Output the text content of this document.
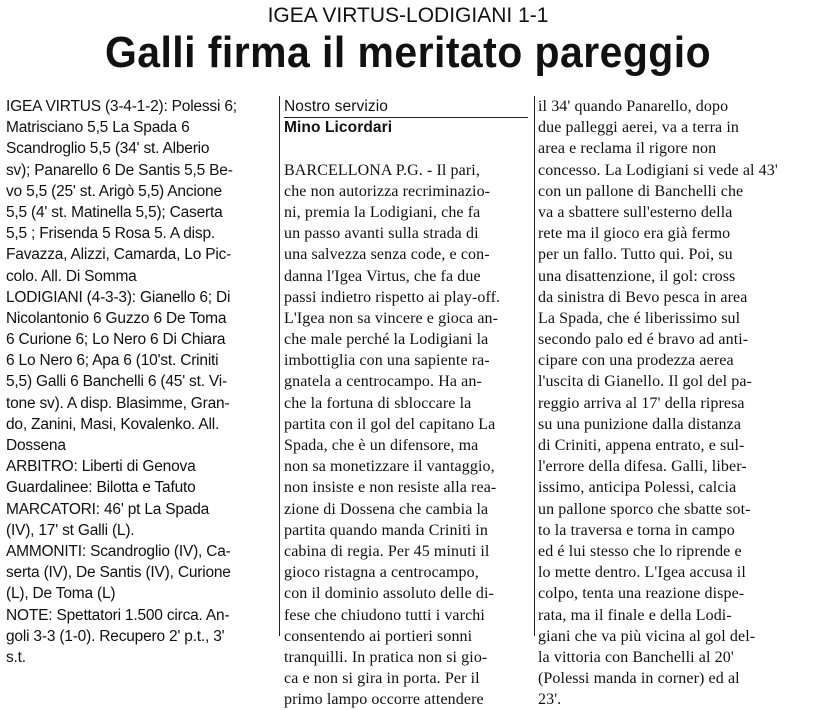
IGEA VIRTUS-LODIGIANI 1-1
Galli firma il meritato pareggio
IGEA VIRTUS (3-4-1-2): Polessi 6;
Matrisciano 5,5 La Spada 6
Scandroglio 5,5 (34' st. Alberio
sv); Panarello 6 De Santis 5,5 Be-
vo 5,5 (25' st. Arigò 5,5) Ancione
5,5 (4' st. Matinella 5,5); Caserta
5,5 ; Frisenda 5 Rosa 5. A disp.
Favazza, Alizzi, Camarda, Lo Pic-
colo. All. Di Somma
LODIGIANI (4-3-3): Gianello 6; Di
Nicolantonio 6 Guzzo 6 De Toma
6 Curione 6; Lo Nero 6 Di Chiara
6 Lo Nero 6; Apa 6 (10'st. Criniti
5,5) Galli 6 Banchelli 6 (45' st. Vi-
tone sv). A disp. Blasimme, Gran-
do, Zanini, Masi, Kovalenko. All.
Dossena
ARBITRO: Liberti di Genova
Guardalinee: Bilotta e Tafuto
MARCATORI: 46' pt La Spada
(IV), 17' st Galli (L).
AMMONITI: Scandroglio (IV), Ca-
serta (IV), De Santis (IV), Curione
(L), De Toma (L)
NOTE: Spettatori 1.500 circa. An-
goli 3-3 (1-0). Recupero 2' p.t., 3'
s.t.
Nostro servizio
Mino Licordari
BARCELLONA P.G. - Il pari,
che non autorizza recriminazio-
ni, premia la Lodigiani, che fa
un passo avanti sulla strada di
una salvezza senza code, e con-
danna l'Igea Virtus, che fa due
passi indietro rispetto ai play-off.
L'Igea non sa vincere e gioca an-
che male perché la Lodigiani la
imbottiglia con una sapiente ra-
gnatela a centrocampo. Ha an-
che la fortuna di sbloccare la
partita con il gol del capitano La
Spada, che è un difensore, ma
non sa monetizzare il vantaggio,
non insiste e non resiste alla rea-
zione di Dossena che cambia la
partita quando manda Criniti in
cabina di regia. Per 45 minuti il
gioco ristagna a centrocampo,
con il dominio assoluto delle di-
fese che chiudono tutti i varchi
consentendo ai portieri sonni
tranquilli. In pratica non si gio-
ca e non si gira in porta. Per il
primo lampo occorre attendere
il 34' quando Panarello, dopo
due palleggi aerei, va a terra in
area e reclama il rigore non
concesso. La Lodigiani si vede al 43'
con un pallone di Banchelli che
va a sbattere sull'esterno della
rete ma il gioco era già fermo
per un fallo. Tutto qui. Poi, su
una disattenzione, il gol: cross
da sinistra di Bevo pesca in area
La Spada, che é liberissimo sul
secondo palo ed é bravo ad anti-
cipare con una prodezza aerea
l'uscita di Gianello. Il gol del pa-
reggio arriva al 17' della ripresa
su una punizione dalla distanza
di Criniti, appena entrato, e sul-
l'errore della difesa. Galli, liber-
issimo, anticipa Polessi, calcia
un pallone sporco che sbatte sot-
to la traversa e torna in campo
ed é lui stesso che lo riprende e
lo mette dentro. L'Igea accusa il
colpo, tenta una reazione dispe-
rata, ma il finale e della Lodi-
giani che va più vicina al gol del-
la vittoria con Banchelli al 20'
(Polessi manda in corner) ed al
23'.
